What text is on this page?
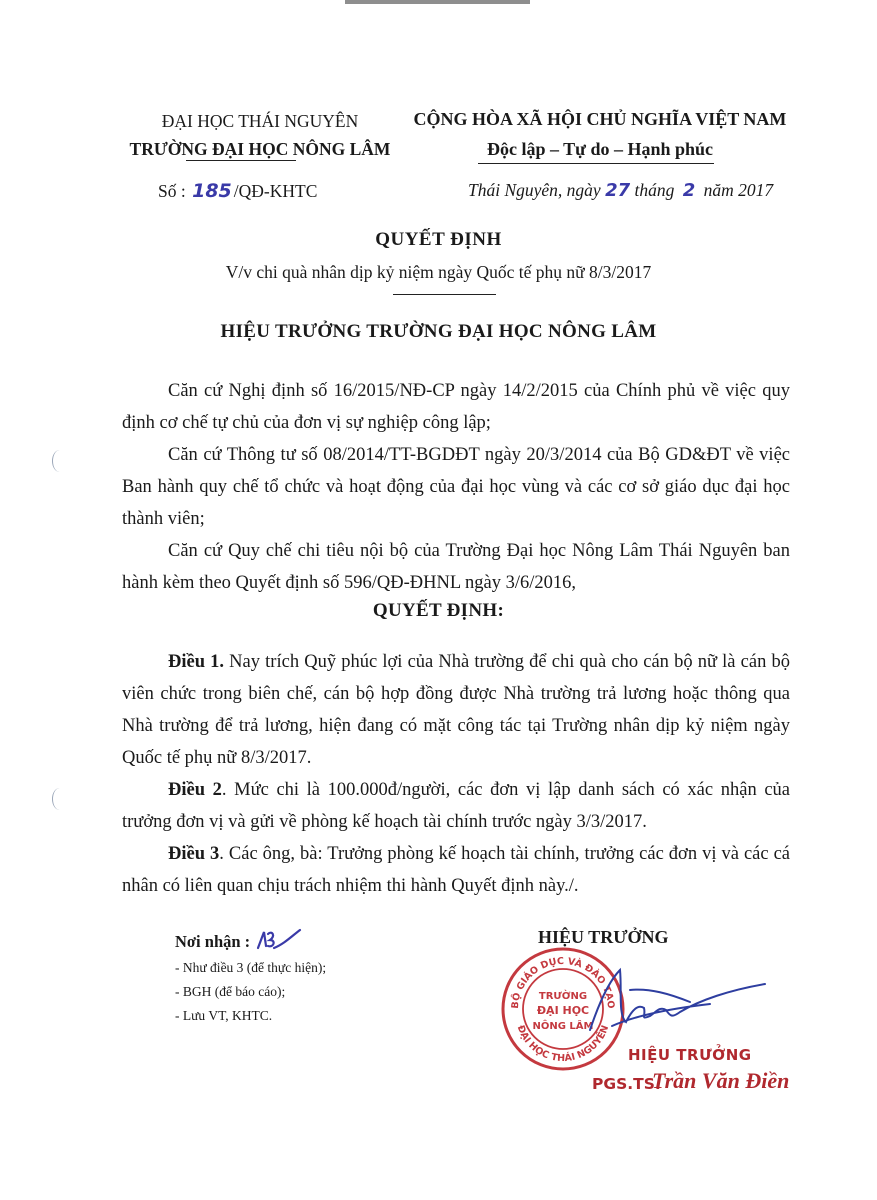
ĐẠI HỌC THÁI NGUYÊN
TRƯỜNG ĐẠI HỌC NÔNG LÂM
CỘNG HÒA XÃ HỘI CHỦ NGHĨA VIỆT NAM
Độc lập – Tự do – Hạnh phúc
Số : 185 /QĐ-KHTC	Thái Nguyên, ngày 27 tháng 2 năm 2017
QUYẾT ĐỊNH
V/v chi quà nhân dịp kỷ niệm ngày Quốc tế phụ nữ 8/3/2017
HIỆU TRƯỞNG TRƯỜNG ĐẠI HỌC NÔNG LÂM

Căn cứ Nghị định số 16/2015/NĐ-CP ngày 14/2/2015 của Chính phủ về việc quy định cơ chế tự chủ của đơn vị sự nghiệp công lập;

Căn cứ Thông tư số 08/2014/TT-BGDĐT ngày 20/3/2014 của Bộ GD&ĐT về việc Ban hành quy chế tổ chức và hoạt động của đại học vùng và các cơ sở giáo dục đại học thành viên;

Căn cứ Quy chế chi tiêu nội bộ của Trường Đại học Nông Lâm Thái Nguyên ban hành kèm theo Quyết định số 596/QĐ-ĐHNL ngày 3/6/2016,

QUYẾT ĐỊNH:

Điều 1. Nay trích Quỹ phúc lợi của Nhà trường để chi quà cho cán bộ nữ là cán bộ viên chức trong biên chế, cán bộ hợp đồng được Nhà trường trả lương hoặc thông qua Nhà trường để trả lương, hiện đang có mặt công tác tại Trường nhân dịp kỷ niệm ngày Quốc tế phụ nữ 8/3/2017.

Điều 2. Mức chi là 100.000đ/người, các đơn vị lập danh sách có xác nhận của trưởng đơn vị và gửi về phòng kế hoạch tài chính trước ngày 3/3/2017.

Điều 3. Các ông, bà: Trưởng phòng kế hoạch tài chính, trưởng các đơn vị và các cá nhân có liên quan chịu trách nhiệm thi hành Quyết định này./.

Nơi nhận :
- Như điều 3 (để thực hiện);
- BGH (để báo cáo);
- Lưu VT, KHTC.
HIỆU TRƯỞNG
BỘ GIÁO DỤC VÀ ĐÀO TẠO
ĐẠI HỌC THÁI NGUYÊN
TRƯỜNG
ĐẠI HỌC
NÔNG LÂM
HIỆU TRƯỞNG
PGS.TS.
Trần Văn Điền
